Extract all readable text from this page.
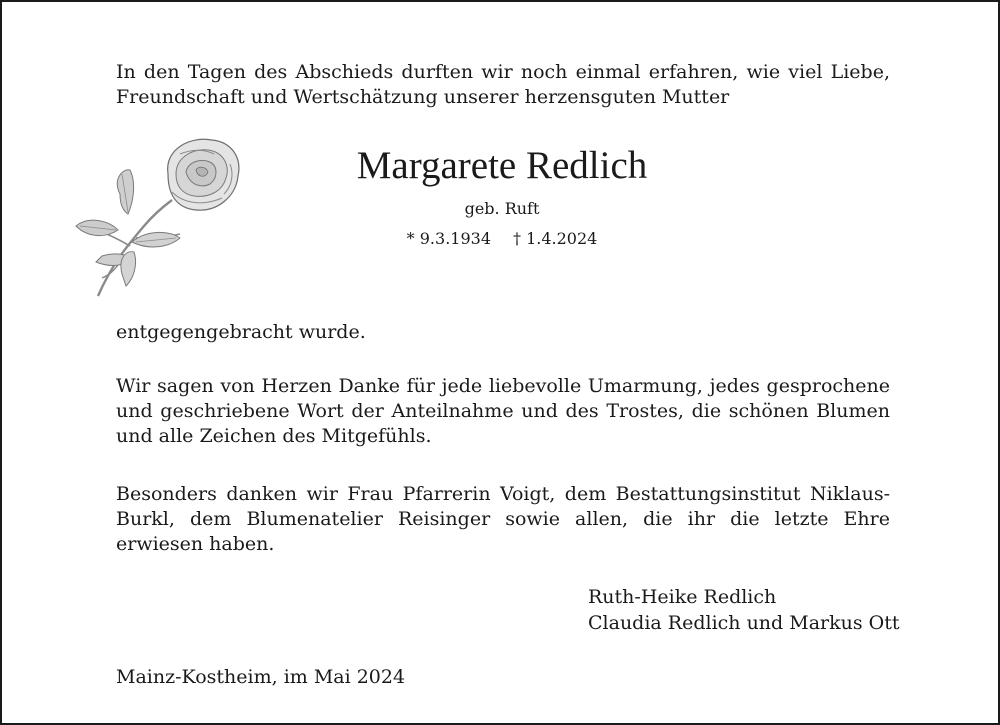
In den Tagen des Abschieds durften wir noch einmal erfahren, wie viel Liebe, Freundschaft und Wertschätzung unserer herzensguten Mutter
Margarete Redlich
geb. Ruft
* 9.3.1934 † 1.4.2024
entgegengebracht wurde.
Wir sagen von Herzen Danke für jede liebevolle Umarmung, jedes gesprochene und geschriebene Wort der Anteilnahme und des Trostes, die schönen Blumen und alle Zeichen des Mitgefühls.
Besonders danken wir Frau Pfarrerin Voigt, dem Bestattungsinstitut Niklaus-Burkl, dem Blumenatelier Reisinger sowie allen, die ihr die letzte Ehre erwiesen haben.
Ruth-Heike Redlich
Claudia Redlich und Markus Ott
Mainz-Kostheim, im Mai 2024
